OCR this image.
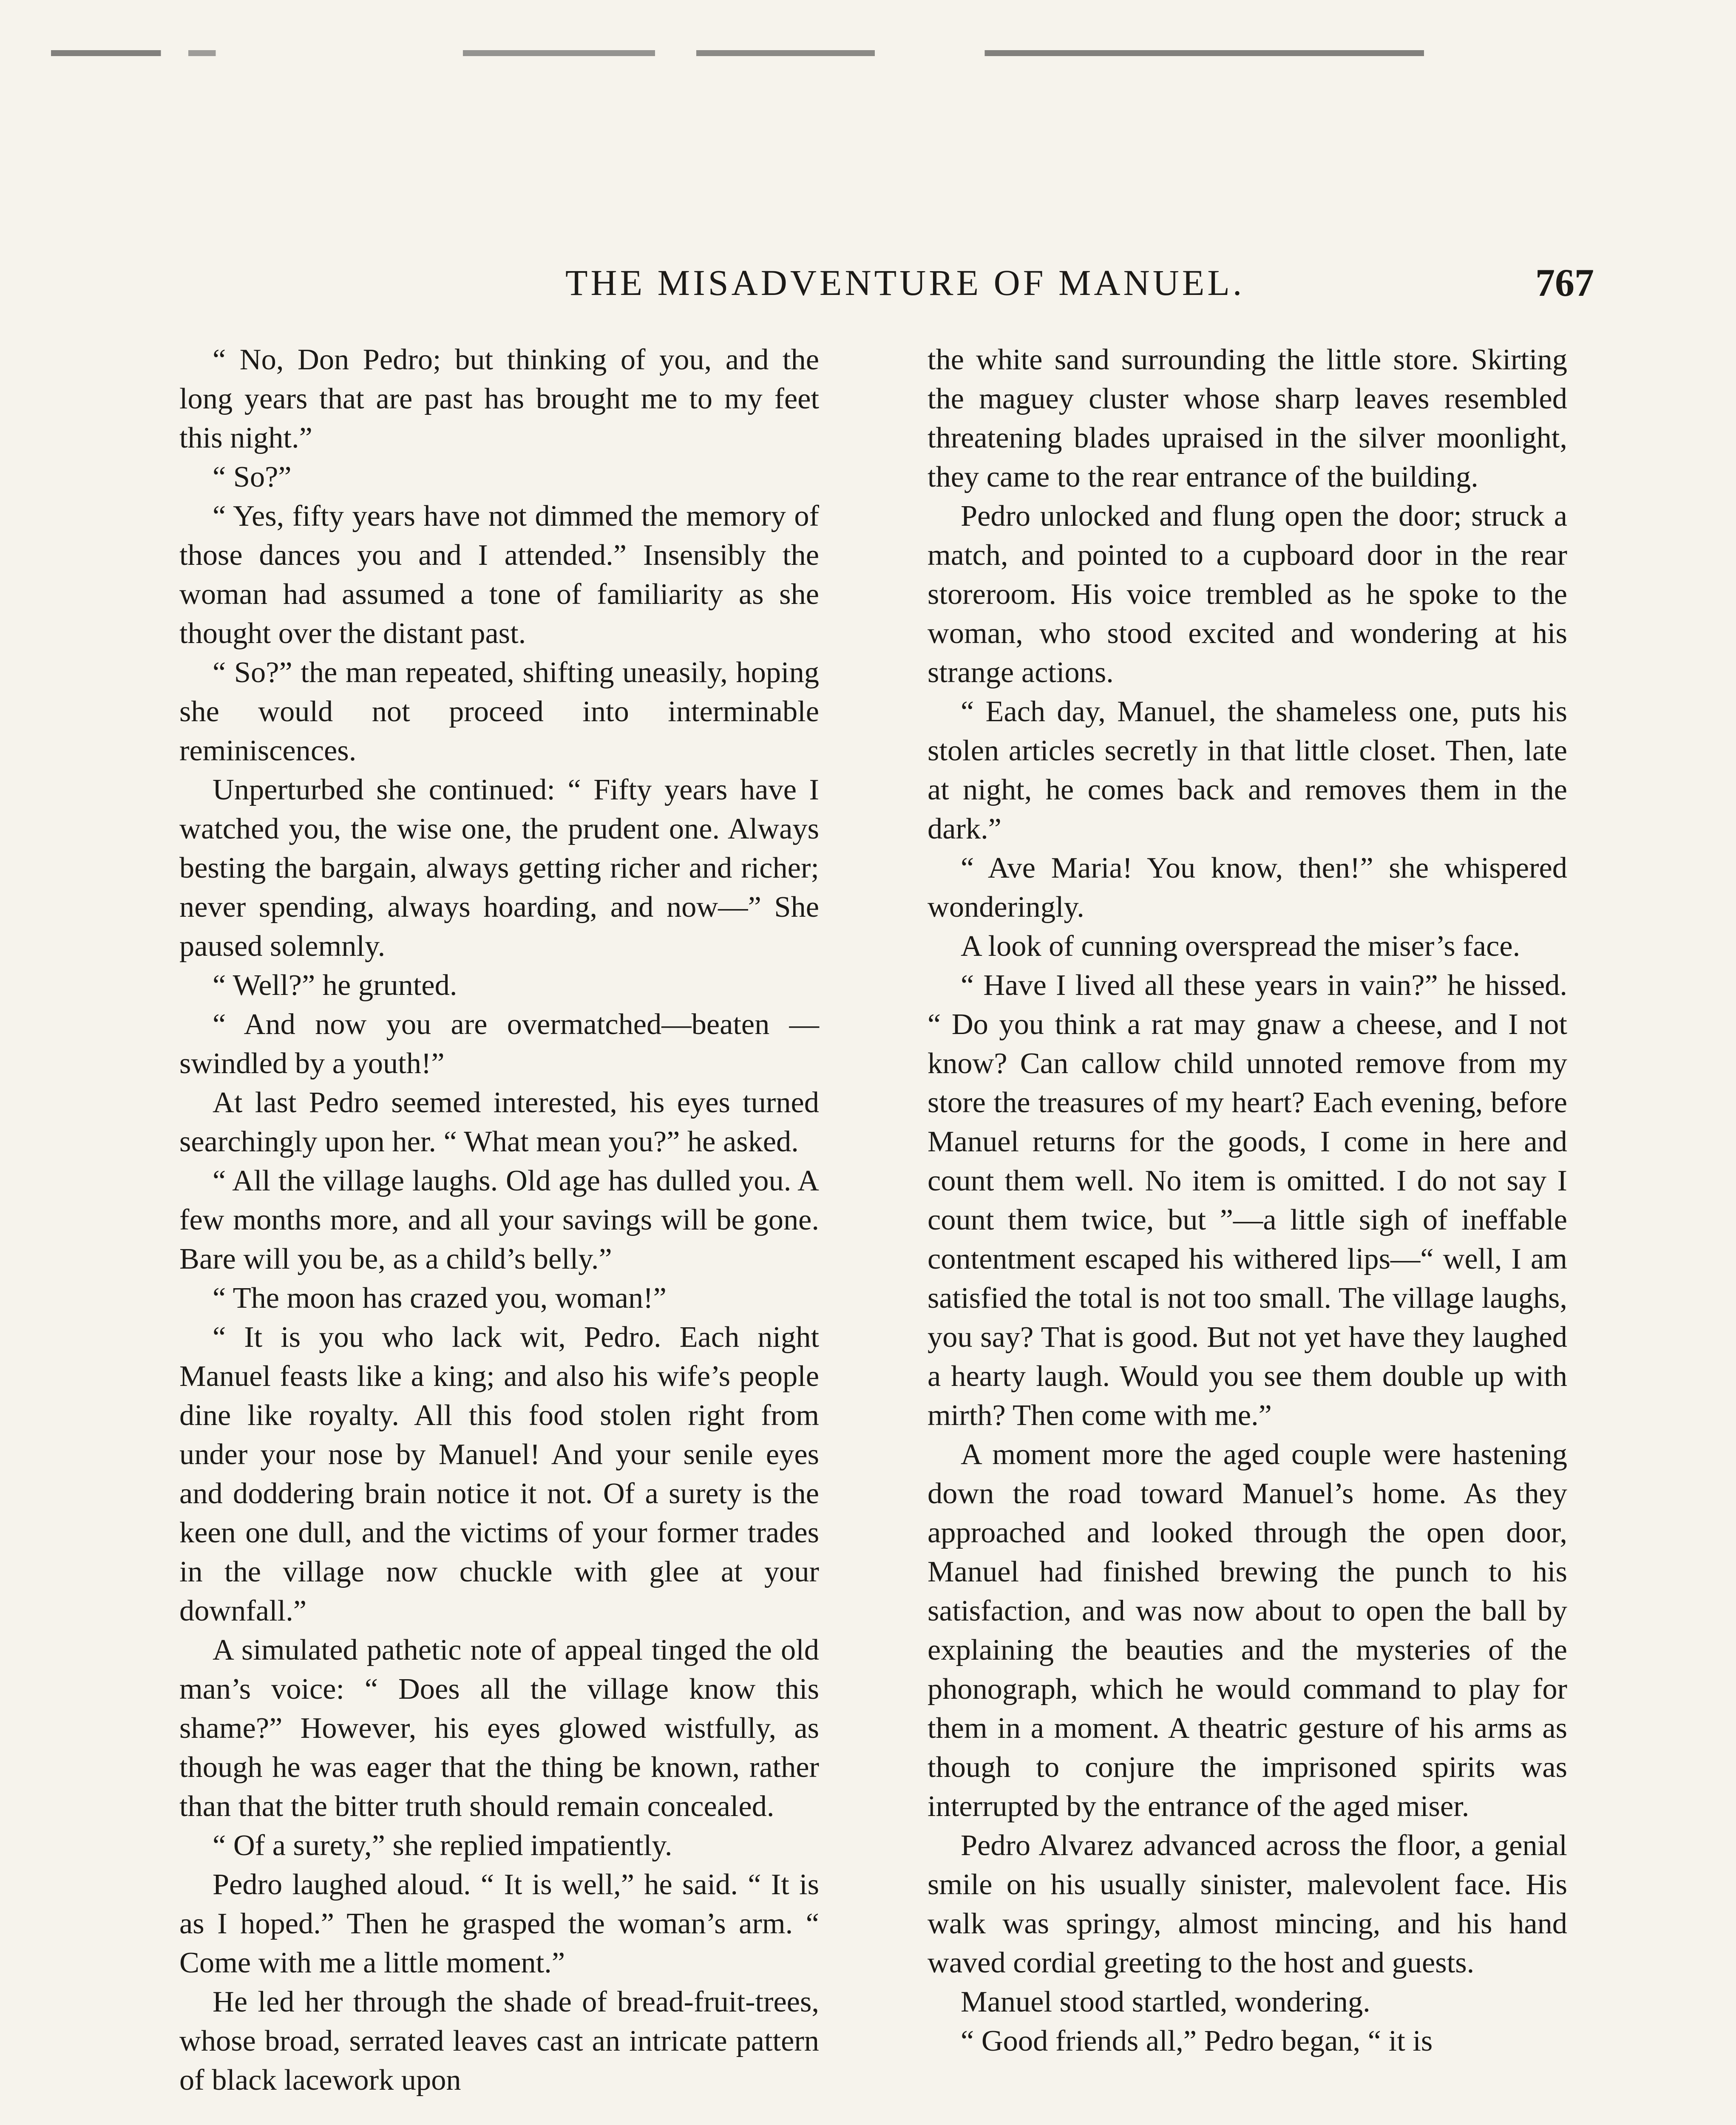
THE MISADVENTURE OF MANUEL.	767

“ No, Don Pedro; but thinking of you, and the long years that are past has brought me to my feet this night.”

“ So?”

“ Yes, fifty years have not dimmed the memory of those dances you and I attended.” Insensibly the woman had assumed a tone of familiarity as she thought over the distant past.

“ So?” the man repeated, shifting uneasily, hoping she would not proceed into interminable reminiscences.

Unperturbed she continued: “ Fifty years have I watched you, the wise one, the prudent one. Always besting the bargain, always getting richer and richer; never spending, always hoarding, and now—” She paused solemnly.

“ Well?” he grunted.

“ And now you are overmatched—beaten —swindled by a youth!”

At last Pedro seemed interested, his eyes turned searchingly upon her. “ What mean you?” he asked.

“ All the village laughs. Old age has dulled you. A few months more, and all your savings will be gone. Bare will you be, as a child’s belly.”

“ The moon has crazed you, woman!”

“ It is you who lack wit, Pedro. Each night Manuel feasts like a king; and also his wife’s people dine like royalty. All this food stolen right from under your nose by Manuel! And your senile eyes and doddering brain notice it not. Of a surety is the keen one dull, and the victims of your former trades in the village now chuckle with glee at your downfall.”

A simulated pathetic note of appeal tinged the old man’s voice: “ Does all the village know this shame?” However, his eyes glowed wistfully, as though he was eager that the thing be known, rather than that the bitter truth should remain concealed.

“ Of a surety,” she replied impatiently.

Pedro laughed aloud. “ It is well,” he said. “ It is as I hoped.” Then he grasped the woman’s arm. “ Come with me a little moment.”

He led her through the shade of bread-fruit-trees, whose broad, serrated leaves cast an intricate pattern of black lacework upon

the white sand surrounding the little store. Skirting the maguey cluster whose sharp leaves resembled threatening blades upraised in the silver moonlight, they came to the rear entrance of the building.

Pedro unlocked and flung open the door; struck a match, and pointed to a cupboard door in the rear storeroom. His voice trembled as he spoke to the woman, who stood excited and wondering at his strange actions.

“ Each day, Manuel, the shameless one, puts his stolen articles secretly in that little closet. Then, late at night, he comes back and removes them in the dark.”

“ Ave Maria! You know, then!” she whispered wonderingly.

A look of cunning overspread the miser’s face.

“ Have I lived all these years in vain?” he hissed. “ Do you think a rat may gnaw a cheese, and I not know? Can callow child unnoted remove from my store the treasures of my heart? Each evening, before Manuel returns for the goods, I come in here and count them well. No item is omitted. I do not say I count them twice, but ”—a little sigh of ineffable contentment escaped his withered lips—“ well, I am satisfied the total is not too small. The village laughs, you say? That is good. But not yet have they laughed a hearty laugh. Would you see them double up with mirth? Then come with me.”

A moment more the aged couple were hastening down the road toward Manuel’s home. As they approached and looked through the open door, Manuel had finished brewing the punch to his satisfaction, and was now about to open the ball by explaining the beauties and the mysteries of the phonograph, which he would command to play for them in a moment. A theatric gesture of his arms as though to conjure the imprisoned spirits was interrupted by the entrance of the aged miser.

Pedro Alvarez advanced across the floor, a genial smile on his usually sinister, malevolent face. His walk was springy, almost mincing, and his hand waved cordial greeting to the host and guests.

Manuel stood startled, wondering.

“ Good friends all,” Pedro began, “ it is
